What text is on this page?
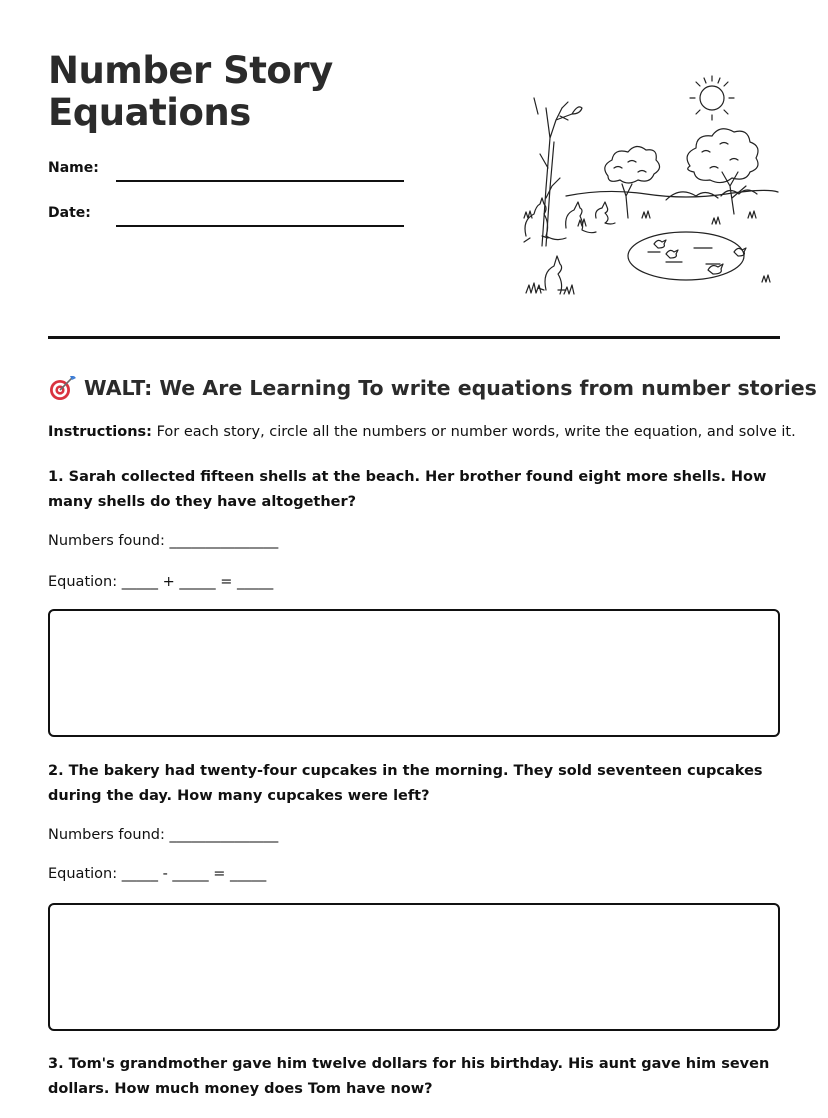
Number Story Equations
Name:
Date:
WALT: We Are Learning To write equations from number stories
Instructions: For each story, circle all the numbers or number words, write the equation, and solve it.

1. Sarah collected fifteen shells at the beach. Her brother found eight more shells. How many shells do they have altogether?

Numbers found: _______________
Equation: _____ + _____ = _____

2. The bakery had twenty-four cupcakes in the morning. They sold seventeen cupcakes during the day. How many cupcakes were left?

Numbers found: _______________
Equation: _____ - _____ = _____

3. Tom's grandmother gave him twelve dollars for his birthday. His aunt gave him seven dollars. How much money does Tom have now?
